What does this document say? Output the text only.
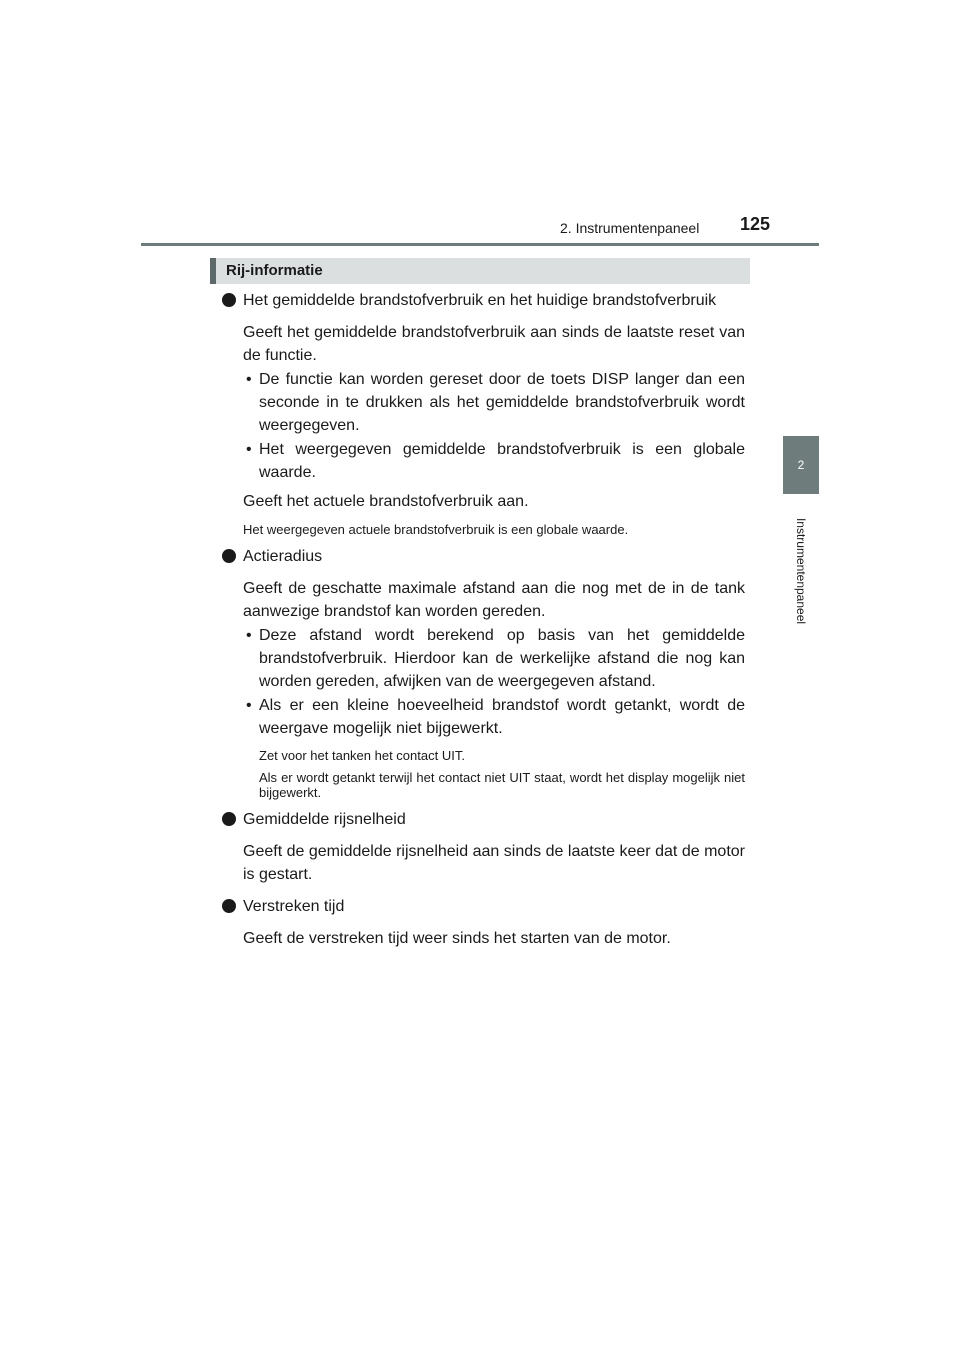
2. Instrumentenpaneel 125
2
Instrumentenpaneel
Rij-informatie
Het gemiddelde brandstofverbruik en het huidige brandstofverbruik
Geeft het gemiddelde brandstofverbruik aan sinds de laatste reset van de functie.
• De functie kan worden gereset door de toets DISP langer dan een seconde in te drukken als het gemiddelde brandstofverbruik wordt weergegeven.
• Het weergegeven gemiddelde brandstofverbruik is een globale waarde.
Geeft het actuele brandstofverbruik aan.
Het weergegeven actuele brandstofverbruik is een globale waarde.
Actieradius
Geeft de geschatte maximale afstand aan die nog met de in de tank aanwezige brandstof kan worden gereden.
• Deze afstand wordt berekend op basis van het gemiddelde brandstofverbruik. Hierdoor kan de werkelijke afstand die nog kan worden gereden, afwijken van de weergegeven afstand.
• Als er een kleine hoeveelheid brandstof wordt getankt, wordt de weergave mogelijk niet bijgewerkt.
Zet voor het tanken het contact UIT.
Als er wordt getankt terwijl het contact niet UIT staat, wordt het display mogelijk niet bijgewerkt.
Gemiddelde rijsnelheid
Geeft de gemiddelde rijsnelheid aan sinds de laatste keer dat de motor is gestart.
Verstreken tijd
Geeft de verstreken tijd weer sinds het starten van de motor.
